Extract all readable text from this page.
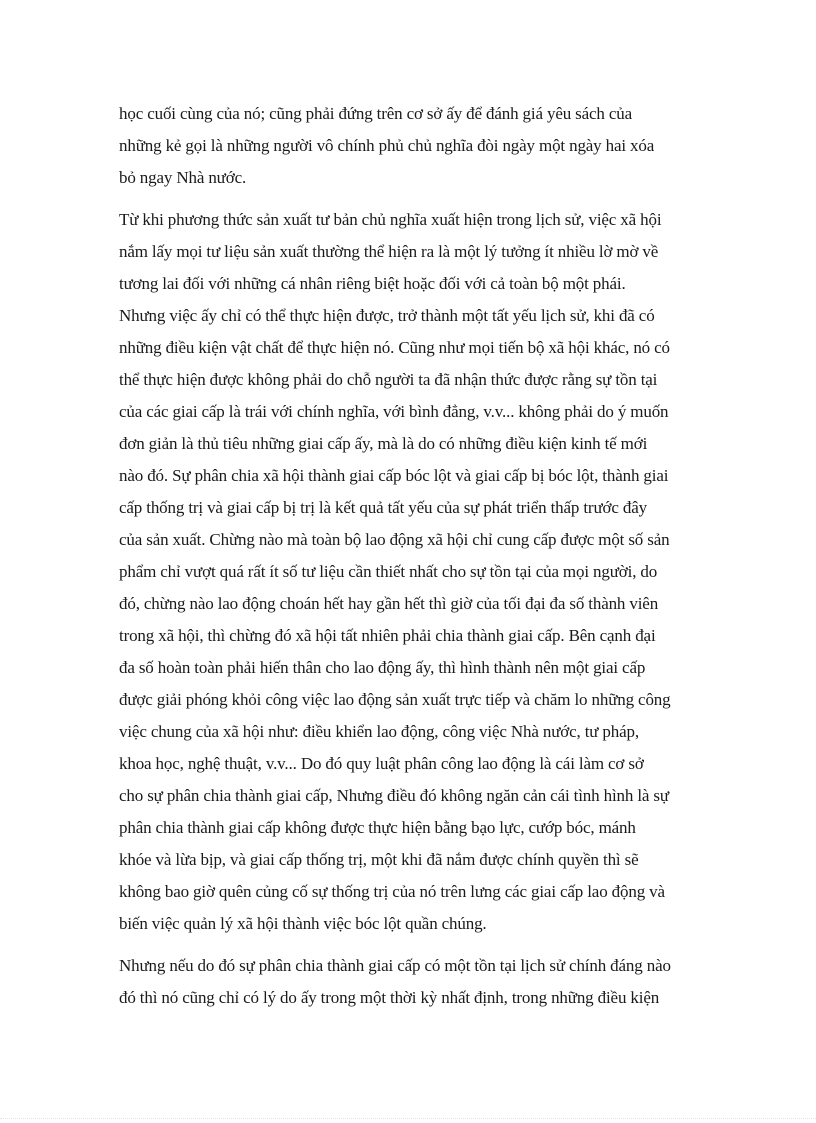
học cuối cùng của nó; cũng phải đứng trên cơ sở ấy để đánh giá yêu sách của
những kẻ gọi là những người vô chính phủ chủ nghĩa đòi ngày một ngày hai xóa
bỏ ngay Nhà nước.

Từ khi phương thức sản xuất tư bản chủ nghĩa xuất hiện trong lịch sử, việc xã hội
nắm lấy mọi tư liệu sản xuất thường thể hiện ra là một lý tưởng ít nhiều lờ mờ về
tương lai đối với những cá nhân riêng biệt hoặc đối với cả toàn bộ một phái.
Nhưng việc ấy chỉ có thể thực hiện được, trở thành một tất yếu lịch sử, khi đã có
những điều kiện vật chất để thực hiện nó. Cũng như mọi tiến bộ xã hội khác, nó có
thể thực hiện được không phải do chỗ người ta đã nhận thức được rằng sự tồn tại
của các giai cấp là trái với chính nghĩa, với bình đẳng, v.v... không phải do ý muốn
đơn giản là thủ tiêu những giai cấp ấy, mà là do có những điều kiện kinh tế mới
nào đó. Sự phân chia xã hội thành giai cấp bóc lột và giai cấp bị bóc lột, thành giai
cấp thống trị và giai cấp bị trị là kết quả tất yếu của sự phát triển thấp trước đây
của sản xuất. Chừng nào mà toàn bộ lao động xã hội chỉ cung cấp được một số sản
phẩm chỉ vượt quá rất ít số tư liệu cần thiết nhất cho sự tồn tại của mọi người, do
đó, chừng nào lao động choán hết hay gần hết thì giờ của tối đại đa số thành viên
trong xã hội, thì chừng đó xã hội tất nhiên phải chia thành giai cấp. Bên cạnh đại
đa số hoàn toàn phải hiến thân cho lao động ấy, thì hình thành nên một giai cấp
được giải phóng khỏi công việc lao động sản xuất trực tiếp và chăm lo những công
việc chung của xã hội như: điều khiển lao động, công việc Nhà nước, tư pháp,
khoa học, nghệ thuật, v.v... Do đó quy luật phân công lao động là cái làm cơ sở
cho sự phân chia thành giai cấp, Nhưng điều đó không ngăn cản cái tình hình là sự
phân chia thành giai cấp không được thực hiện bằng bạo lực, cướp bóc, mánh
khóe và lừa bịp, và giai cấp thống trị, một khi đã nắm được chính quyền thì sẽ
không bao giờ quên củng cố sự thống trị của nó trên lưng các giai cấp lao động và
biến việc quản lý xã hội thành việc bóc lột quần chúng.

Nhưng nếu do đó sự phân chia thành giai cấp có một tồn tại lịch sử chính đáng nào
đó thì nó cũng chỉ có lý do ấy trong một thời kỳ nhất định, trong những điều kiện
